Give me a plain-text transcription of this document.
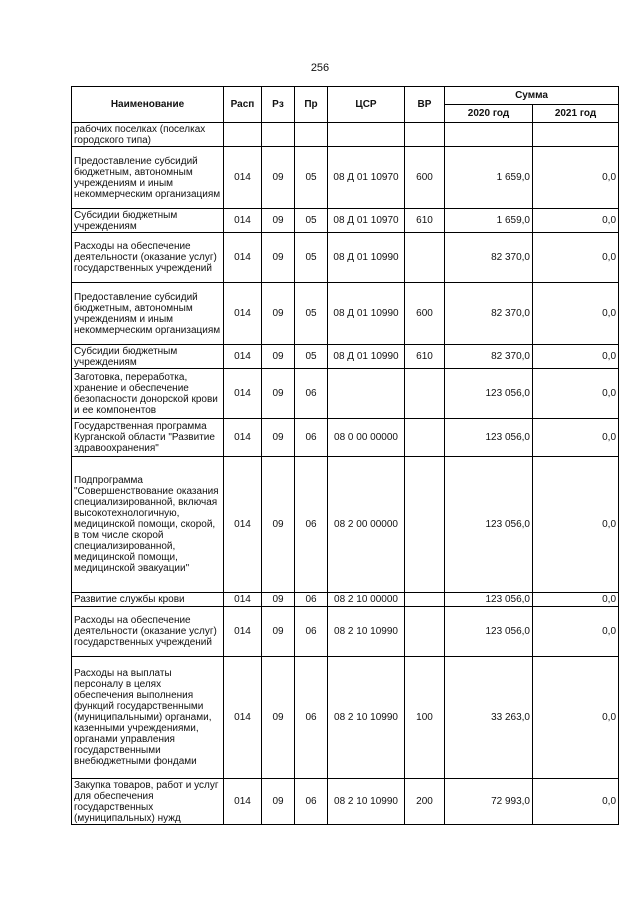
256
Наименование	Расп	Рз	Пр	ЦСР	ВР	Сумма	
						2020 год	2021 год
рабочих поселках (поселках городского типа)							
Предоставление субсидий бюджетным, автономным учреждениям и иным некоммерческим организациям	014	09	05	08 Д 01 10970	600	1 659,0	0,0
Субсидии бюджетным учреждениям	014	09	05	08 Д 01 10970	610	1 659,0	0,0
Расходы на обеспечение деятельности (оказание услуг) государственных учреждений	014	09	05	08 Д 01 10990		82 370,0	0,0
Предоставление субсидий бюджетным, автономным учреждениям и иным некоммерческим организациям	014	09	05	08 Д 01 10990	600	82 370,0	0,0
Субсидии бюджетным учреждениям	014	09	05	08 Д 01 10990	610	82 370,0	0,0
Заготовка, переработка, хранение и обеспечение безопасности донорской крови и ее компонентов	014	09	06			123 056,0	0,0
Государственная программа Курганской области "Развитие здравоохранения"	014	09	06	08 0 00 00000		123 056,0	0,0
Подпрограмма "Совершенствование оказания специализированной, включая высокотехнологичную, медицинской помощи, скорой, в том числе скорой специализированной, медицинской помощи, медицинской эвакуации"	014	09	06	08 2 00 00000		123 056,0	0,0
Развитие службы крови	014	09	06	08 2 10 00000		123 056,0	0,0
Расходы на обеспечение деятельности (оказание услуг) государственных учреждений	014	09	06	08 2 10 10990		123 056,0	0,0
Расходы на выплаты персоналу в целях обеспечения выполнения функций государственными (муниципальными) органами, казенными учреждениями, органами управления государственными внебюджетными фондами	014	09	06	08 2 10 10990	100	33 263,0	0,0
Закупка товаров, работ и услуг для обеспечения государственных (муниципальных) нужд	014	09	06	08 2 10 10990	200	72 993,0	0,0
